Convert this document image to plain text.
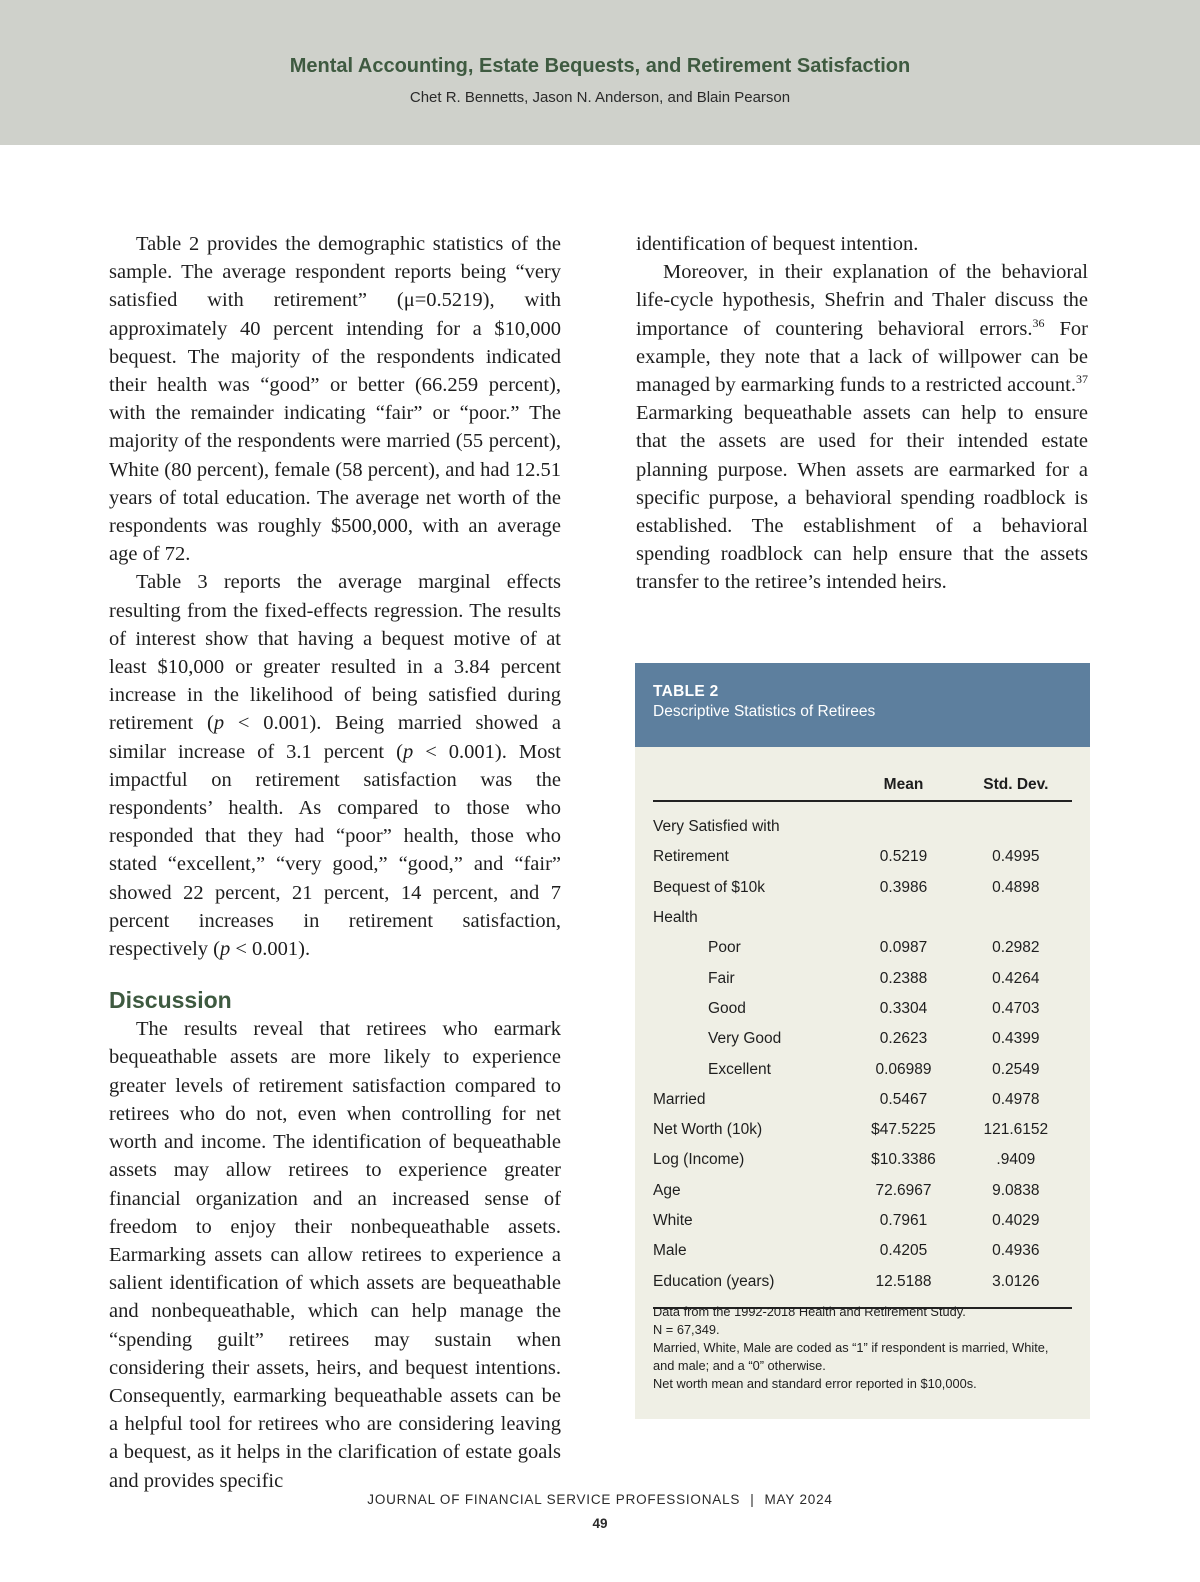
Mental Accounting, Estate Bequests, and Retirement Satisfaction
Chet R. Bennetts, Jason N. Anderson, and Blain Pearson

Table 2 provides the demographic statistics of the sample. The average respondent reports being “very satisfied with retirement” (μ=0.5219), with approximately 40 percent intending for a $10,000 bequest. The majority of the respondents indicated their health was “good” or better (66.259 percent), with the remainder indicating “fair” or “poor.” The majority of the respondents were married (55 percent), White (80 percent), female (58 percent), and had 12.51 years of total education. The average net worth of the respondents was roughly $500,000, with an average age of 72.

Table 3 reports the average marginal effects resulting from the fixed-effects regression. The results of interest show that having a bequest motive of at least $10,000 or greater resulted in a 3.84 percent increase in the likelihood of being satisfied during retirement (p < 0.001). Being married showed a similar increase of 3.1 percent (p < 0.001). Most impactful on retirement satisfaction was the respondents’ health. As compared to those who responded that they had “poor” health, those who stated “excellent,” “very good,” “good,” and “fair” showed 22 percent, 21 percent, 14 percent, and 7 percent increases in retirement satisfaction, respectively (p < 0.001).

Discussion

The results reveal that retirees who earmark bequeathable assets are more likely to experience greater levels of retirement satisfaction compared to retirees who do not, even when controlling for net worth and income. The identification of bequeathable assets may allow retirees to experience greater financial organization and an increased sense of freedom to enjoy their nonbequeathable assets. Earmarking assets can allow retirees to experience a salient identification of which assets are bequeathable and nonbequeathable, which can help manage the “spending guilt” retirees may sustain when considering their assets, heirs, and bequest intentions. Consequently, earmarking bequeathable assets can be a helpful tool for retirees who are considering leaving a bequest, as it helps in the clarification of estate goals and provides specific

identification of bequest intention.

Moreover, in their explanation of the behavioral life-cycle hypothesis, Shefrin and Thaler discuss the importance of countering behavioral errors.$^{36}$ For example, they note that a lack of willpower can be managed by earmarking funds to a restricted account.$^{37}$ Earmarking bequeathable assets can help to ensure that the assets are used for their intended estate planning purpose. When assets are earmarked for a specific purpose, a behavioral spending roadblock is established. The establishment of a behavioral spending roadblock can help ensure that the assets transfer to the retiree’s intended heirs.

TABLE 2
Descriptive Statistics of Retirees
	Mean	Std. Dev.
Very Satisfied with		
Retirement	0.5219	0.4995
Bequest of $10k	0.3986	0.4898
Health		
Poor	0.0987	0.2982
Fair	0.2388	0.4264
Good	0.3304	0.4703
Very Good	0.2623	0.4399
Excellent	0.06989	0.2549
Married	0.5467	0.4978
Net Worth (10k)	$47.5225	121.6152
Log (Income)	$10.3386	.9409
Age	72.6967	9.0838
White	0.7961	0.4029
Male	0.4205	0.4936
Education (years)	12.5188	3.0126
Data from the 1992-2018 Health and Retirement Study.
N = 67,349.
Married, White, Male are coded as “1” if respondent is married, White, and male; and a “0” otherwise.
Net worth mean and standard error reported in $10,000s.
JOURNAL OF FINANCIAL SERVICE PROFESSIONALS | MAY 2024
49
